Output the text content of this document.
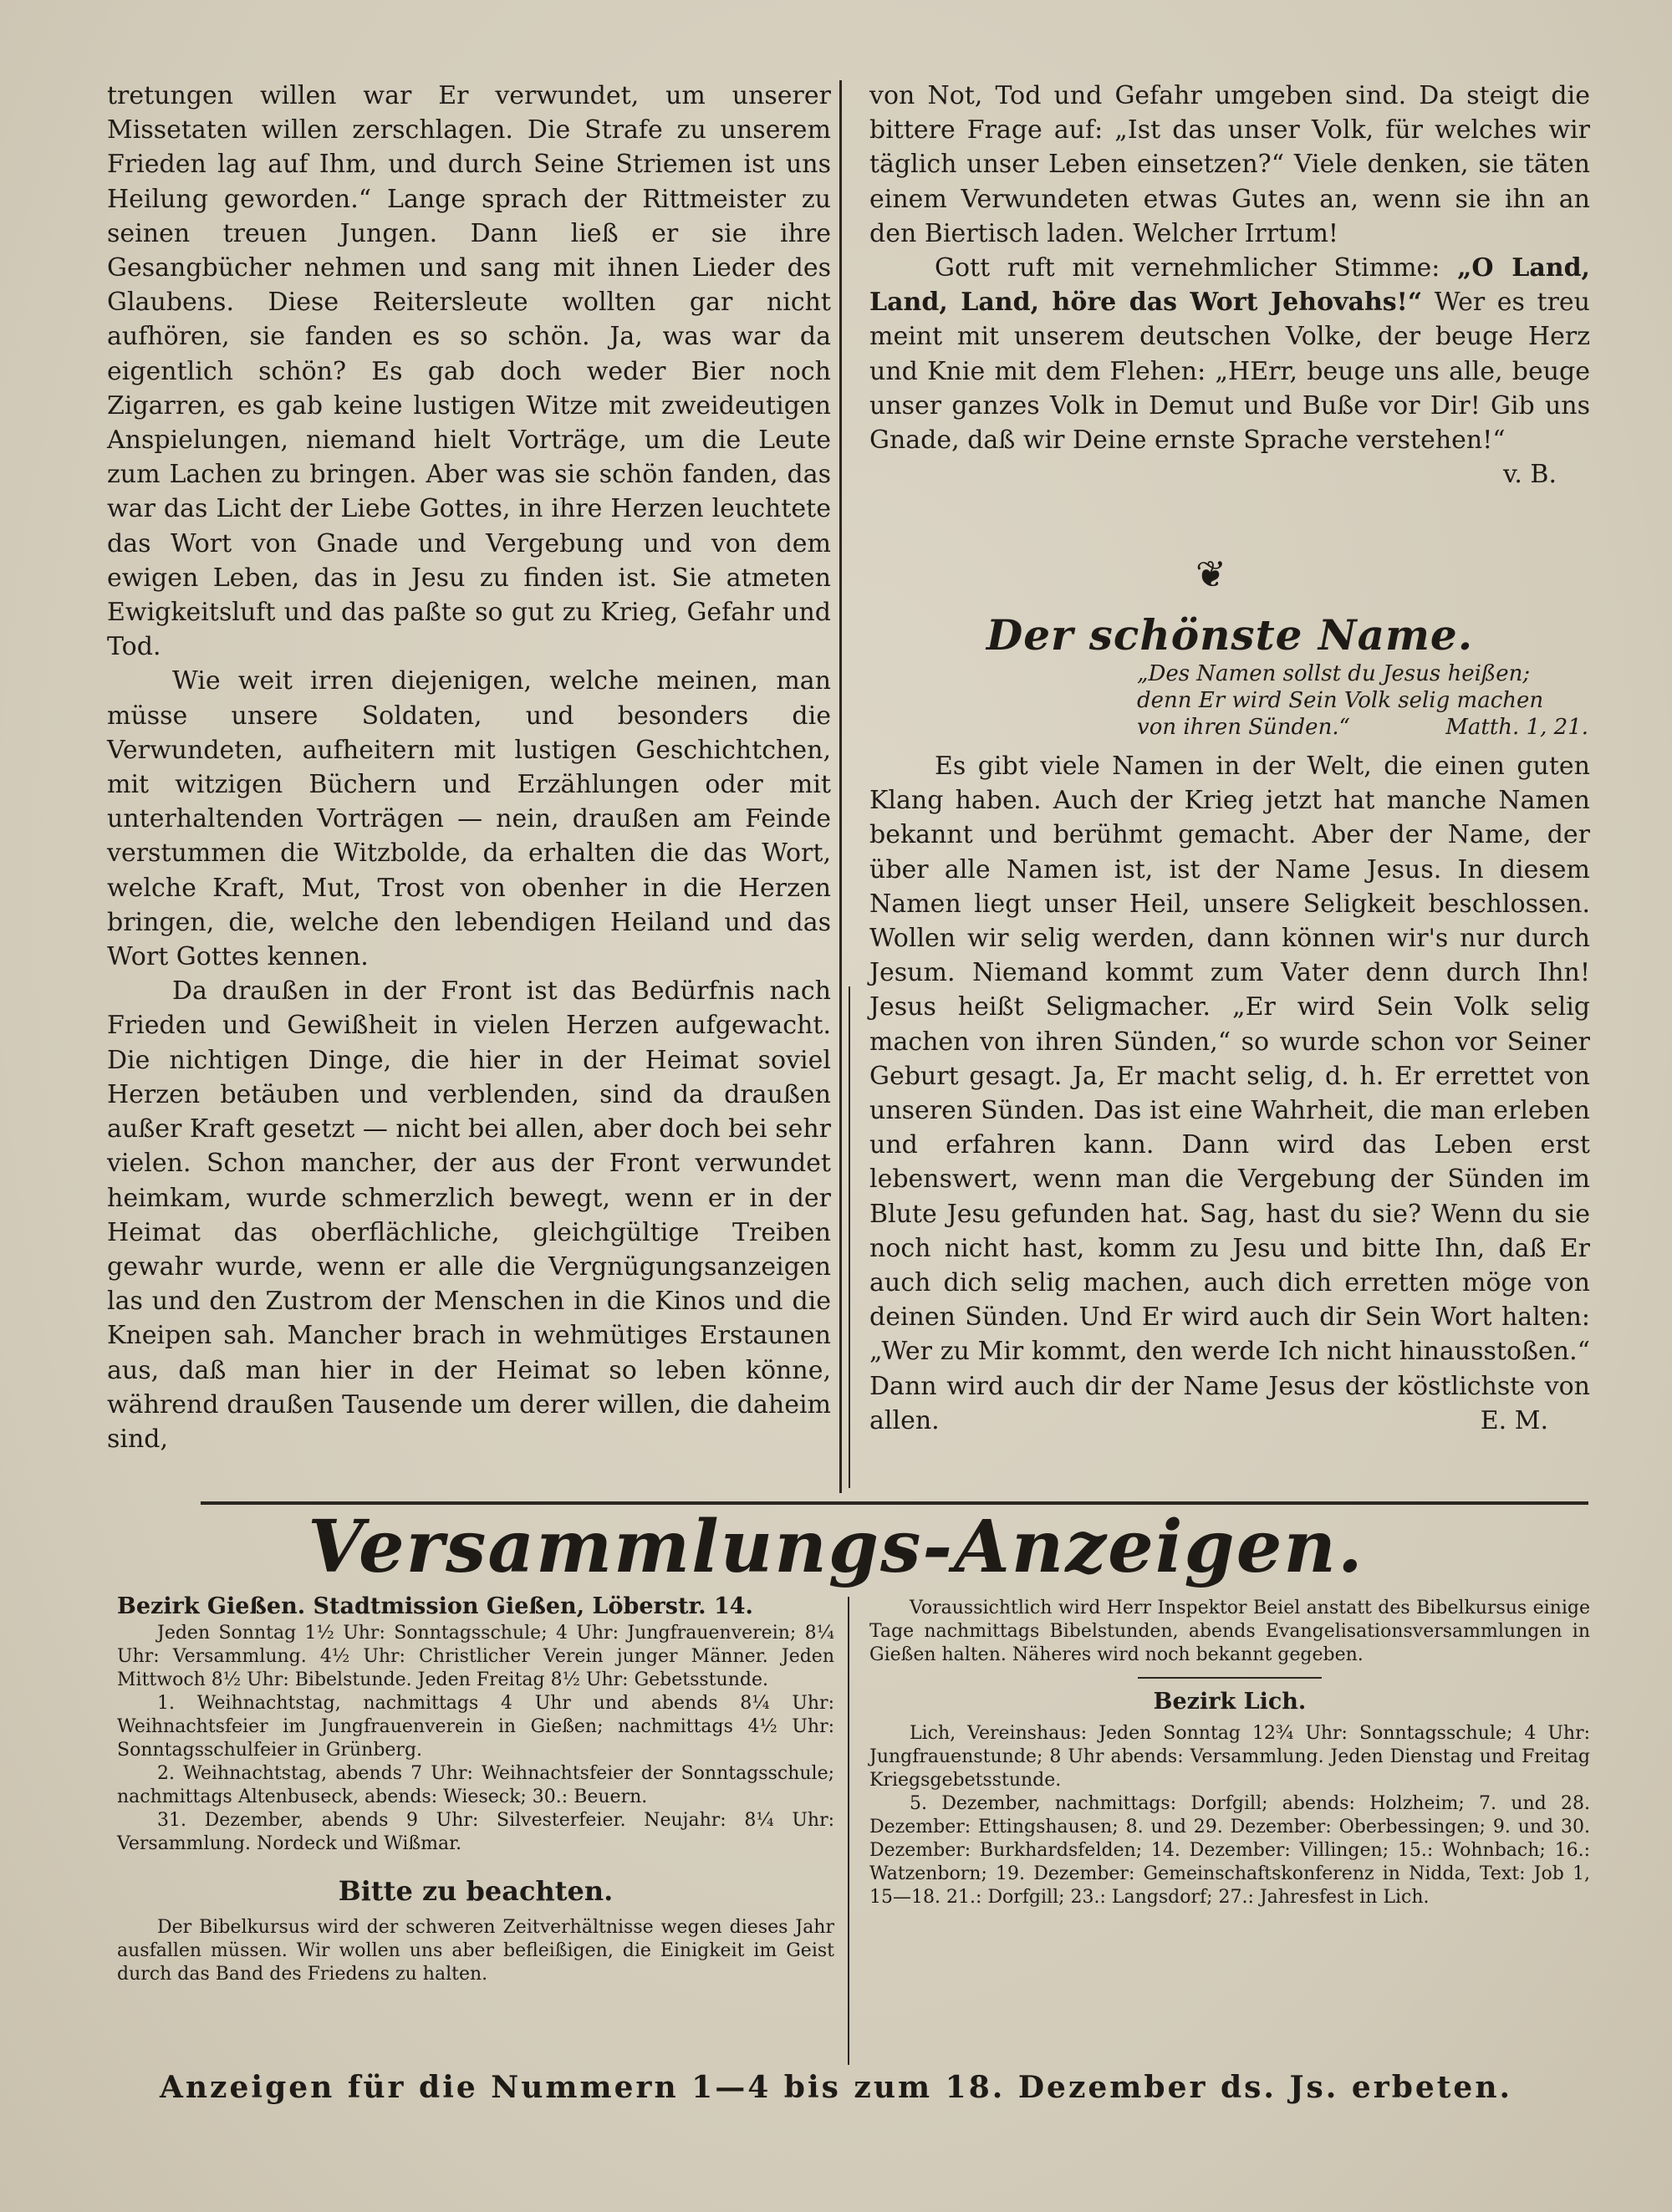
tretungen willen war Er verwundet, um unserer Missetaten willen zerschlagen. Die Strafe zu unserem Frieden lag auf Ihm, und durch Seine Striemen ist uns Heilung geworden.“ Lange sprach der Rittmeister zu seinen treuen Jungen. Dann ließ er sie ihre Gesangbücher nehmen und sang mit ihnen Lieder des Glaubens. Diese Reitersleute wollten gar nicht aufhören, sie fanden es so schön. Ja, was war da eigentlich schön? Es gab doch weder Bier noch Zigarren, es gab keine lustigen Witze mit zweideutigen Anspielungen, niemand hielt Vorträge, um die Leute zum Lachen zu bringen. Aber was sie schön fanden, das war das Licht der Liebe Gottes, in ihre Herzen leuchtete das Wort von Gnade und Vergebung und von dem ewigen Leben, das in Jesu zu finden ist. Sie atmeten Ewigkeitsluft und das paßte so gut zu Krieg, Gefahr und Tod.

Wie weit irren diejenigen, welche meinen, man müsse unsere Soldaten, und besonders die Verwundeten, aufheitern mit lustigen Geschichtchen, mit witzigen Büchern und Erzählungen oder mit unterhaltenden Vorträgen — nein, draußen am Feinde verstummen die Witzbolde, da erhalten die das Wort, welche Kraft, Mut, Trost von obenher in die Herzen bringen, die, welche den lebendigen Heiland und das Wort Gottes kennen.

Da draußen in der Front ist das Bedürfnis nach Frieden und Gewißheit in vielen Herzen aufgewacht. Die nichtigen Dinge, die hier in der Heimat soviel Herzen betäuben und verblenden, sind da draußen außer Kraft gesetzt — nicht bei allen, aber doch bei sehr vielen. Schon mancher, der aus der Front verwundet heimkam, wurde schmerzlich bewegt, wenn er in der Heimat das oberflächliche, gleichgültige Treiben gewahr wurde, wenn er alle die Vergnügungsanzeigen las und den Zustrom der Menschen in die Kinos und die Kneipen sah. Mancher brach in wehmütiges Erstaunen aus, daß man hier in der Heimat so leben könne, während draußen Tausende um derer willen, die daheim sind,

von Not, Tod und Gefahr umgeben sind. Da steigt die bittere Frage auf: „Ist das unser Volk, für welches wir täglich unser Leben einsetzen?“ Viele denken, sie täten einem Verwundeten etwas Gutes an, wenn sie ihn an den Biertisch laden. Welcher Irrtum!

Gott ruft mit vernehmlicher Stimme: „O Land, Land, Land, höre das Wort Jehovahs!“ Wer es treu meint mit unserem deutschen Volke, der beuge Herz und Knie mit dem Flehen: „HErr, beuge uns alle, beuge unser ganzes Volk in Demut und Buße vor Dir! Gib uns Gnade, daß wir Deine ernste Sprache verstehen!“
v. B.

❦
Der schönste Name.
„Des Namen sollst du Jesus heißen; denn Er wird Sein Volk selig machen von ihren Sünden.“	Matth. 1, 21.

Es gibt viele Namen in der Welt, die einen guten Klang haben. Auch der Krieg jetzt hat manche Namen bekannt und berühmt gemacht. Aber der Name, der über alle Namen ist, ist der Name Jesus. In diesem Namen liegt unser Heil, unsere Seligkeit beschlossen. Wollen wir selig werden, dann können wir's nur durch Jesum. Niemand kommt zum Vater denn durch Ihn! Jesus heißt Seligmacher. „Er wird Sein Volk selig machen von ihren Sünden,“ so wurde schon vor Seiner Geburt gesagt. Ja, Er macht selig, d. h. Er errettet von unseren Sünden. Das ist eine Wahrheit, die man erleben und erfahren kann. Dann wird das Leben erst lebenswert, wenn man die Vergebung der Sünden im Blute Jesu gefunden hat. Sag, hast du sie? Wenn du sie noch nicht hast, komm zu Jesu und bitte Ihn, daß Er auch dich selig machen, auch dich erretten möge von deinen Sünden. Und Er wird auch dir Sein Wort halten: „Wer zu Mir kommt, den werde Ich nicht hinausstoßen.“ Dann wird auch dir der Name Jesus der köstlichste von allen.	E. M.

Versammlungs-Anzeigen.

Bezirk Gießen. Stadtmission Gießen, Löberstr. 14.

Jeden Sonntag 1½ Uhr: Sonntagsschule; 4 Uhr: Jungfrauenverein; 8¼ Uhr: Versammlung. 4½ Uhr: Christlicher Verein junger Männer. Jeden Mittwoch 8½ Uhr: Bibelstunde. Jeden Freitag 8½ Uhr: Gebetsstunde.

1. Weihnachtstag, nachmittags 4 Uhr und abends 8¼ Uhr: Weihnachtsfeier im Jungfrauenverein in Gießen; nachmittags 4½ Uhr: Sonntagsschulfeier in Grünberg.

2. Weihnachtstag, abends 7 Uhr: Weihnachtsfeier der Sonntagsschule; nachmittags Altenbuseck, abends: Wieseck; 30.: Beuern.

31. Dezember, abends 9 Uhr: Silvesterfeier. Neujahr: 8¼ Uhr: Versammlung. Nordeck und Wißmar.

Bitte zu beachten.

Der Bibelkursus wird der schweren Zeitverhältnisse wegen dieses Jahr ausfallen müssen. Wir wollen uns aber befleißigen, die Einigkeit im Geist durch das Band des Friedens zu halten.

Voraussichtlich wird Herr Inspektor Beiel anstatt des Bibelkursus einige Tage nachmittags Bibelstunden, abends Evangelisationsversammlungen in Gießen halten. Näheres wird noch bekannt gegeben.

Bezirk Lich.

Lich, Vereinshaus: Jeden Sonntag 12¾ Uhr: Sonntagsschule; 4 Uhr: Jungfrauenstunde; 8 Uhr abends: Versammlung. Jeden Dienstag und Freitag Kriegsgebetsstunde.

5. Dezember, nachmittags: Dorfgill; abends: Holzheim; 7. und 28. Dezember: Ettingshausen; 8. und 29. Dezember: Oberbessingen; 9. und 30. Dezember: Burkhardsfelden; 14. Dezember: Villingen; 15.: Wohnbach; 16.: Watzenborn; 19. Dezember: Gemeinschaftskonferenz in Nidda, Text: Job 1, 15—18. 21.: Dorfgill; 23.: Langsdorf; 27.: Jahresfest in Lich.

Anzeigen für die Nummern 1—4 bis zum 18. Dezember ds. Js. erbeten.
